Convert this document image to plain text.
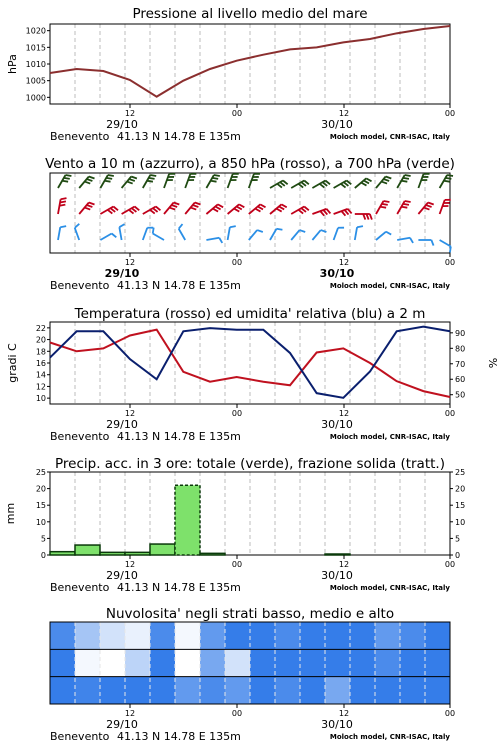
Pressione al livello medio del mare
1000
1005
1010
1015
1020
hPa
12	00	12	00
29/10	30/10
Benevento 41.13 N 14.78 E 135m	Moloch model, CNR-ISAC, Italy
Vento a 10 m (azzurro), a 850 hPa (rosso), a 700 hPa (verde)
12	00	12	00
29/10	30/10
Benevento 41.13 N 14.78 E 135m	Moloch model, CNR-ISAC, Italy
Temperatura (rosso) ed umidita' relativa (blu) a 2 m
10
12
14
16
18
20
22
50
60
70
80
90
gradi C	%
12	00	12	00
29/10	30/10
Benevento 41.13 N 14.78 E 135m	Moloch model, CNR-ISAC, Italy
Precip. acc. in 3 ore: totale (verde), frazione solida (tratt.)
0	0
5	5
10	10
15	15
20	20
25	25
mm
12	00	12	00
29/10	30/10
Benevento 41.13 N 14.78 E 135m	Moloch model, CNR-ISAC, Italy
Nuvolosita' negli strati basso, medio e alto
12	00	12	00
29/10	30/10
Benevento 41.13 N 14.78 E 135m	Moloch model, CNR-ISAC, Italy
